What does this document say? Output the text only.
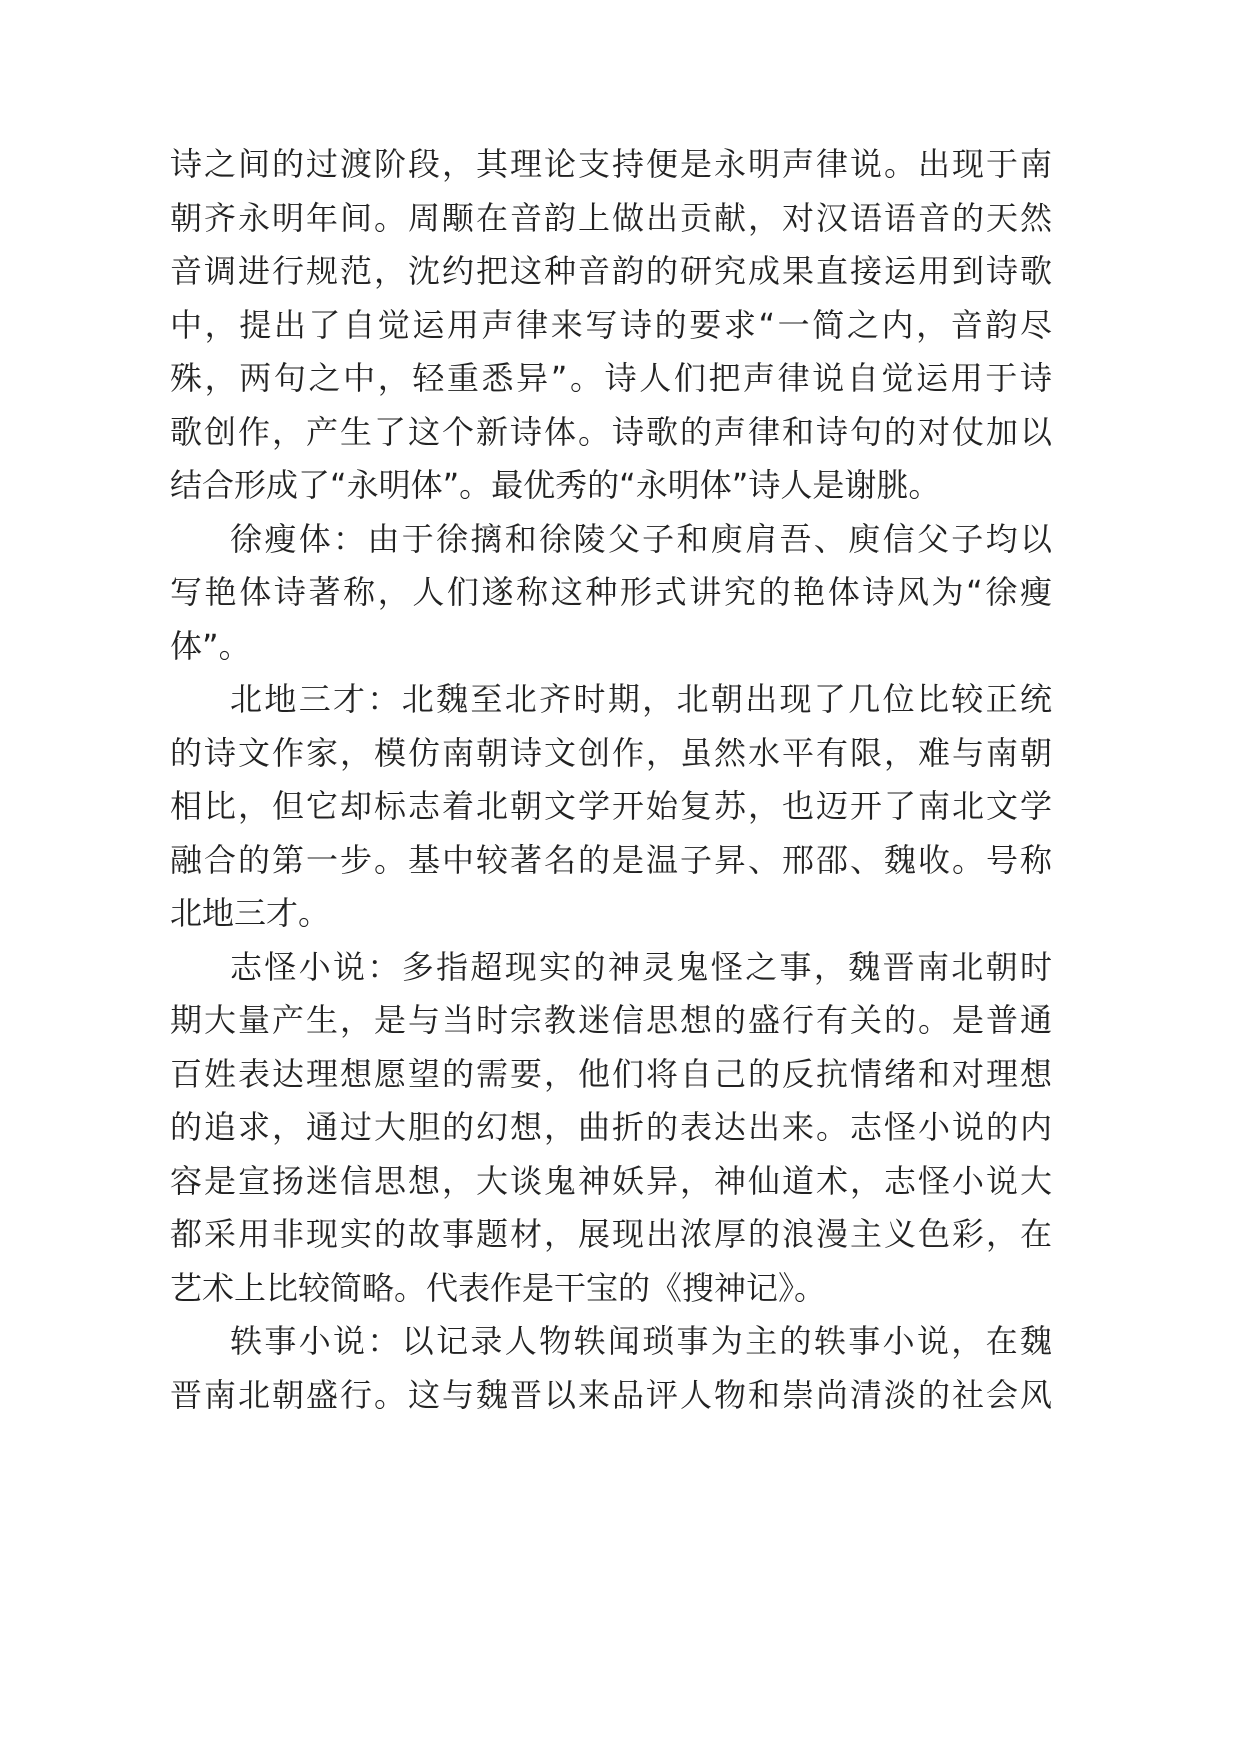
诗之间的过渡阶段，其理论支持便是永明声律说。出现于南
朝齐永明年间。周颙在音韵上做出贡献，对汉语语音的天然
音调进行规范，沈约把这种音韵的研究成果直接运用到诗歌
中，提出了自觉运用声律来写诗的要求“一简之内，音韵尽
殊，两句之中，轻重悉异”。诗人们把声律说自觉运用于诗
歌创作，产生了这个新诗体。诗歌的声律和诗句的对仗加以
结合形成了“永明体”。最优秀的“永明体”诗人是谢朓。
徐瘦体：由于徐摛和徐陵父子和庾肩吾、庾信父子均以
写艳体诗著称，人们遂称这种形式讲究的艳体诗风为“徐瘦
体”。
北地三才：北魏至北齐时期，北朝出现了几位比较正统
的诗文作家，模仿南朝诗文创作，虽然水平有限，难与南朝
相比，但它却标志着北朝文学开始复苏，也迈开了南北文学
融合的第一步。基中较著名的是温子昇、邢邵、魏收。号称
北地三才。
志怪小说：多指超现实的神灵鬼怪之事，魏晋南北朝时
期大量产生，是与当时宗教迷信思想的盛行有关的。是普通
百姓表达理想愿望的需要，他们将自己的反抗情绪和对理想
的追求，通过大胆的幻想，曲折的表达出来。志怪小说的内
容是宣扬迷信思想，大谈鬼神妖异，神仙道术，志怪小说大
都采用非现实的故事题材，展现出浓厚的浪漫主义色彩，在
艺术上比较简略。代表作是干宝的《搜神记》。
轶事小说：以记录人物轶闻琐事为主的轶事小说，在魏
晋南北朝盛行。这与魏晋以来品评人物和崇尚清淡的社会风
